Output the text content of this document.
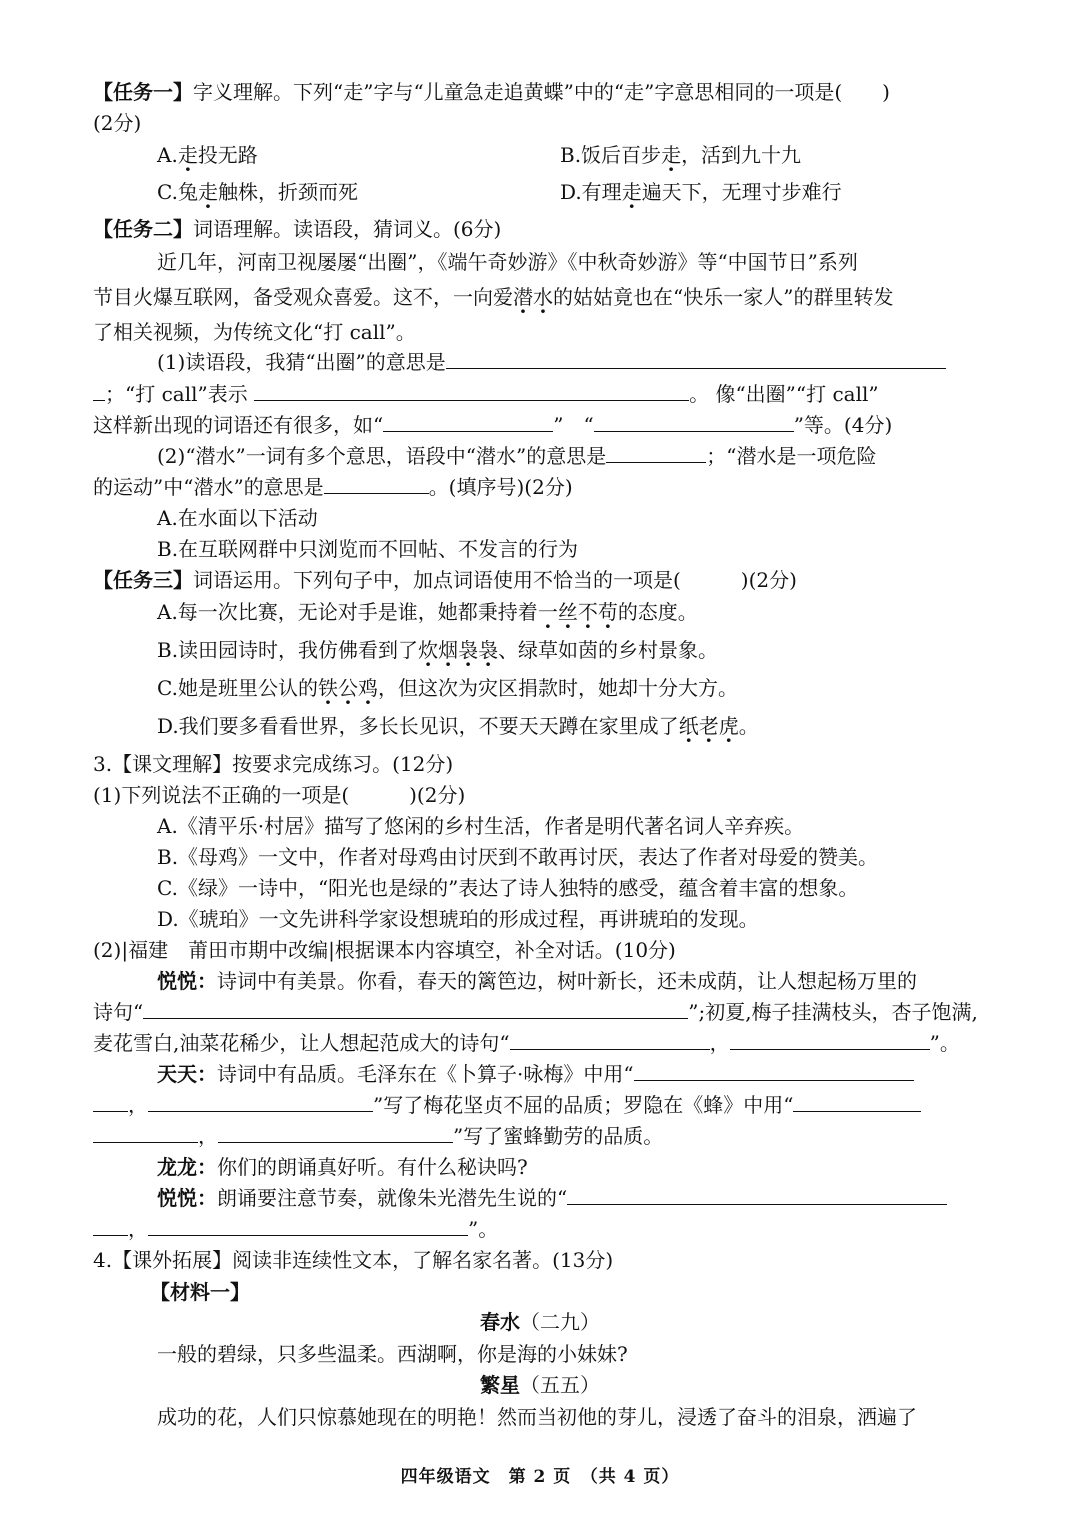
【任务一】字义理解。下列“走”字与“儿童急走追黄蝶”中的“走”字意思相同的一项是(　　)
(2分)
A.走投无路	B.饭后百步走，活到九十九
C.兔走触株，折颈而死	D.有理走遍天下，无理寸步难行
【任务二】词语理解。读语段，猜词义。(6分)
近几年，河南卫视屡屡“出圈”，《端午奇妙游》《中秋奇妙游》等“中国节日”系列
节目火爆互联网，备受观众喜爱。这不，一向爱潜水的姑姑竟也在“快乐一家人”的群里转发
了相关视频，为传统文化“打 call”。
(1)读语段，我猜“出圈”的意思是
；“打 call”表示	。 像“出圈”“打 call”
这样新出现的词语还有很多，如“	”　“	”等。(4分)
(2)“潜水”一词有多个意思，语段中“潜水”的意思是	；“潜水是一项危险
的运动”中“潜水”的意思是	。(填序号)(2分)
A.在水面以下活动
B.在互联网群中只浏览而不回帖、不发言的行为
【任务三】词语运用。下列句子中，加点词语使用不恰当的一项是(　　　)(2分)
A.每一次比赛，无论对手是谁，她都秉持着一丝不苟的态度。
B.读田园诗时，我仿佛看到了炊烟袅袅、绿草如茵的乡村景象。
C.她是班里公认的铁公鸡，但这次为灾区捐款时，她却十分大方。
D.我们要多看看世界，多长长见识，不要天天蹲在家里成了纸老虎。
3.【课文理解】按要求完成练习。(12分)
(1)下列说法不正确的一项是(　　　)(2分)
A.《清平乐·村居》描写了悠闲的乡村生活，作者是明代著名词人辛弃疾。
B.《母鸡》一文中，作者对母鸡由讨厌到不敢再讨厌，表达了作者对母爱的赞美。
C.《绿》一诗中，“阳光也是绿的”表达了诗人独特的感受，蕴含着丰富的想象。
D.《琥珀》一文先讲科学家设想琥珀的形成过程，再讲琥珀的发现。
(2)|福建　莆田市期中改编|根据课本内容填空，补全对话。(10分)
悦悦：诗词中有美景。你看，春天的篱笆边，树叶新长，还未成荫，让人想起杨万里的
诗句“	”;初夏,梅子挂满枝头，杏子饱满,
麦花雪白,油菜花稀少，让人想起范成大的诗句“	，	”。
天天：诗词中有品质。毛泽东在《卜算子·咏梅》中用“
，	”写了梅花坚贞不屈的品质；罗隐在《蜂》中用“
，	”写了蜜蜂勤劳的品质。
龙龙：你们的朗诵真好听。有什么秘诀吗?
悦悦：朗诵要注意节奏，就像朱光潜先生说的“
，	”。
4.【课外拓展】阅读非连续性文本，了解名家名著。(13分)
【材料一】
春水（二九）
一般的碧绿，只多些温柔。西湖啊，你是海的小妹妹?
繁星（五五）
成功的花，人们只惊慕她现在的明艳！然而当初他的芽儿，浸透了奋斗的泪泉，洒遍了
四年级语文　第 2 页　（共 4 页）
